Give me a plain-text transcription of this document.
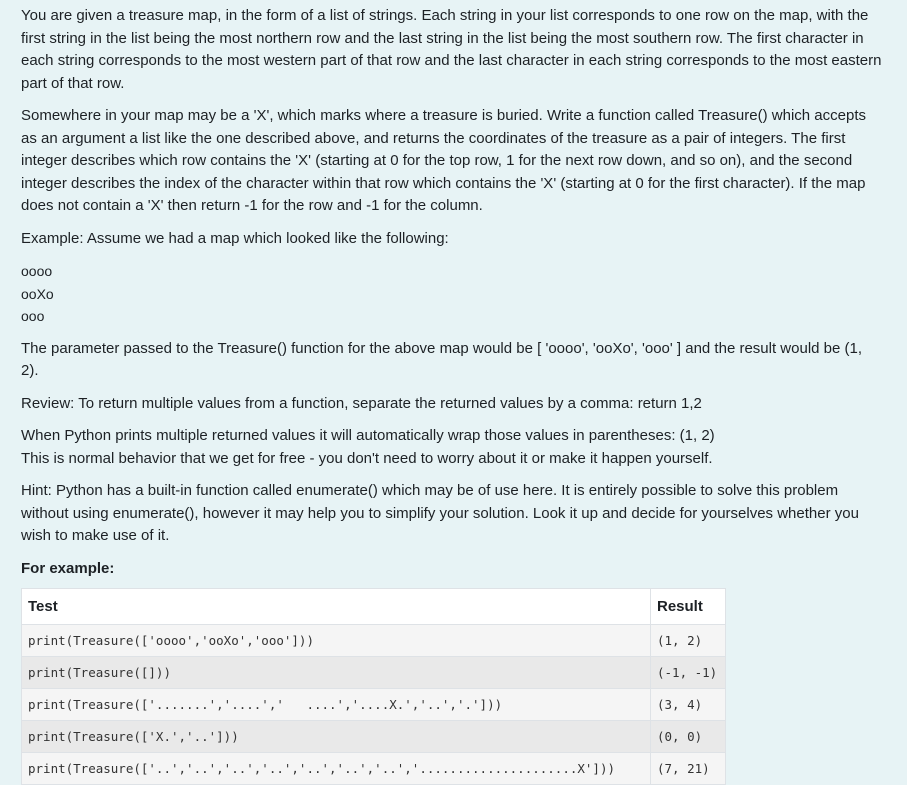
You are given a treasure map, in the form of a list of strings. Each string in your list corresponds to one row on the map, with the first string in the list being the most northern row and the last string in the list being the most southern row. The first character in each string corresponds to the most western part of that row and the last character in each string corresponds to the most eastern part of that row.

Somewhere in your map may be a 'X', which marks where a treasure is buried. Write a function called Treasure() which accepts as an argument a list like the one described above, and returns the coordinates of the treasure as a pair of integers. The first integer describes which row contains the 'X' (starting at 0 for the top row, 1 for the next row down, and so on), and the second integer describes the index of the character within that row which contains the 'X' (starting at 0 for the first character). If the map does not contain a 'X' then return -1 for the row and -1 for the column.

Example: Assume we had a map which looked like the following:

oooo

ooXo

ooo

The parameter passed to the Treasure() function for the above map would be [ 'oooo', 'ooXo', 'ooo' ] and the result would be (1, 2).

Review: To return multiple values from a function, separate the returned values by a comma: return 1,2

When Python prints multiple returned values it will automatically wrap those values in parentheses: (1, 2)
This is normal behavior that we get for free - you don't need to worry about it or make it happen yourself.

Hint: Python has a built-in function called enumerate() which may be of use here. It is entirely possible to solve this problem without using enumerate(), however it may help you to simplify your solution. Look it up and decide for yourselves whether you wish to make use of it.

For example:

Test	Result
print(Treasure(['oooo','ooXo','ooo']))	(1, 2)
print(Treasure([]))	(-1, -1)
print(Treasure(['.......','....','   ....','....X.','..','.']))	(3, 4)
print(Treasure(['X.','..']))	(0, 0)
print(Treasure(['..','..','..','..','..','..','..','.....................X']))	(7, 21)
